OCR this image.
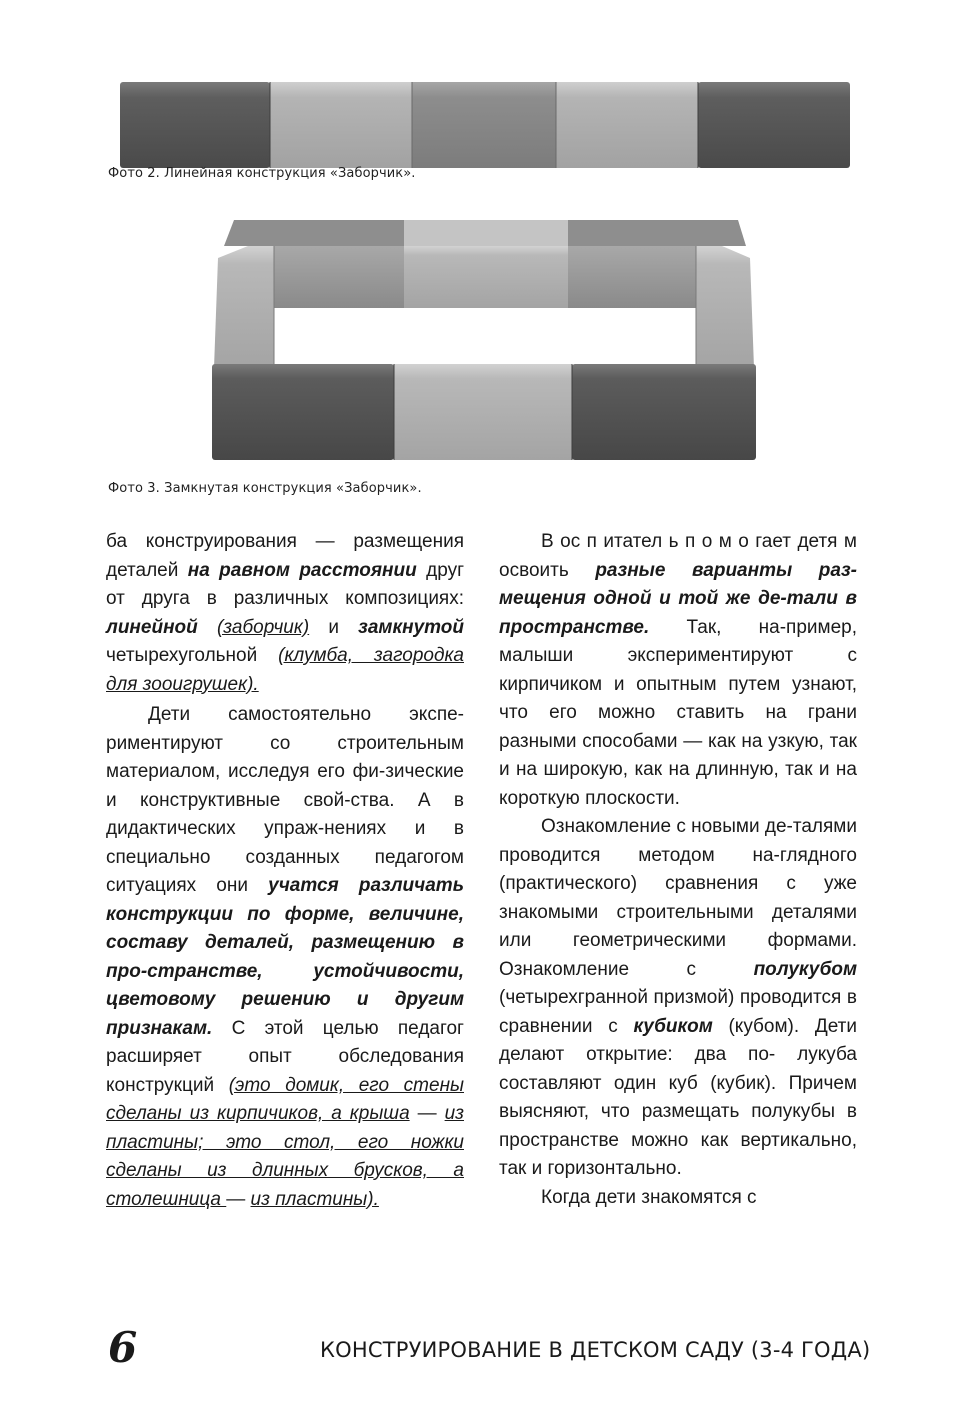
Фото 2. Линейная конструкция «Заборчик».
Фото 3. Замкнутая конструкция «Заборчик».

ба конструирования — размещения деталей на равном расстоянии друг от друга в различных композициях: линейной (заборчик) и замкнутой четырехугольной (клумба, загородка для зооигрушек).

Дети самостоятельно экспе-риментируют со строительным материалом, исследуя его фи-зические и конструктивные свой-ства. А в дидактических упраж-нениях и в специально созданных педагогом ситуациях они учатся различать конструкции по форме, величине, составу деталей, размещению в про-странстве, устойчивости, цветовому решению и другим признакам. С этой целью педагог расширяет опыт обследования конструкций (это домик, его стены сделаны из кирпичиков, а крыша — из пластины; это стол, его ножки сделаны из длинных брусков, а столешница — из пластины).

В ос п итател ь п о м о гает детя м освоить разные варианты раз-мещения одной и той же де-тали в пространстве. Так, на-пример, малыши экспериментируют с кирпичиком и опытным путем узнают, что его можно ставить на грани разными способами — как на узкую, так и на широкую, как на длинную, так и на короткую плоскости.

Ознакомление с новыми де-талями проводится методом на-глядного (практического) сравнения с уже знакомыми строительными деталями или геометрическими формами. Ознакомление с полукубом (четырехгранной призмой) проводится в сравнении с кубиком (кубом). Дети делают открытие: два по- лукуба составляют один куб (кубик). Причем выясняют, что размещать полукубы в пространстве можно как вертикально, так и горизонтально.

Когда дети знакомятся с

6	КОНСТРУИРОВАНИЕ В ДЕТСКОМ САДУ (3-4 ГОДА)
